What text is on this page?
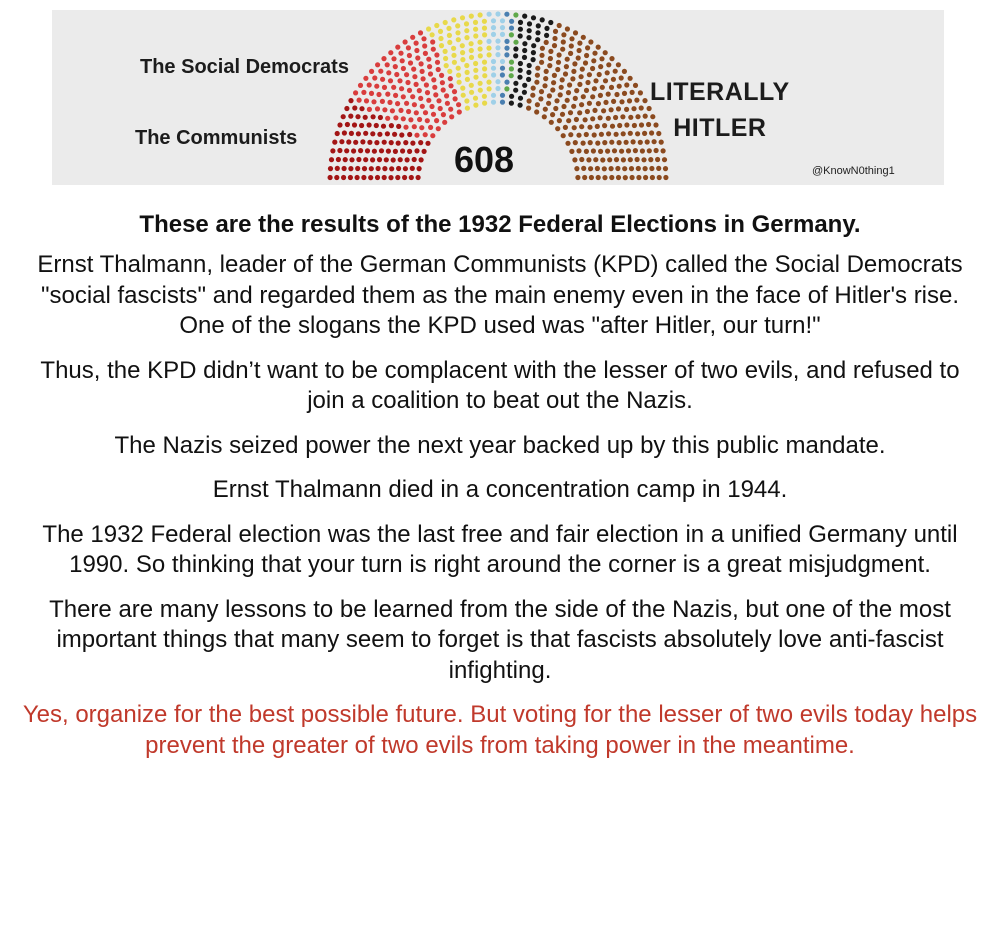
The Social Democrats
The Communists
LITERALLY
HITLER
608	@KnowN0thing1

These are the results of the 1932 Federal Elections in Germany.

Ernst Thalmann, leader of the German Communists (KPD) called the Social Democrats "social fascists" and regarded them as the main enemy even in the face of Hitler's rise. One of the slogans the KPD used was "after Hitler, our turn!"

Thus, the KPD didn’t want to be complacent with the lesser of two evils, and refused to join a coalition to beat out the Nazis.

The Nazis seized power the next year backed up by this public mandate.

Ernst Thalmann died in a concentration camp in 1944.

The 1932 Federal election was the last free and fair election in a unified Germany until 1990. So thinking that your turn is right around the corner is a great misjudgment.

There are many lessons to be learned from the side of the Nazis, but one of the most important things that many seem to forget is that fascists absolutely love anti-fascist infighting.

Yes, organize for the best possible future. But voting for the lesser of two evils today helps prevent the greater of two evils from taking power in the meantime.
